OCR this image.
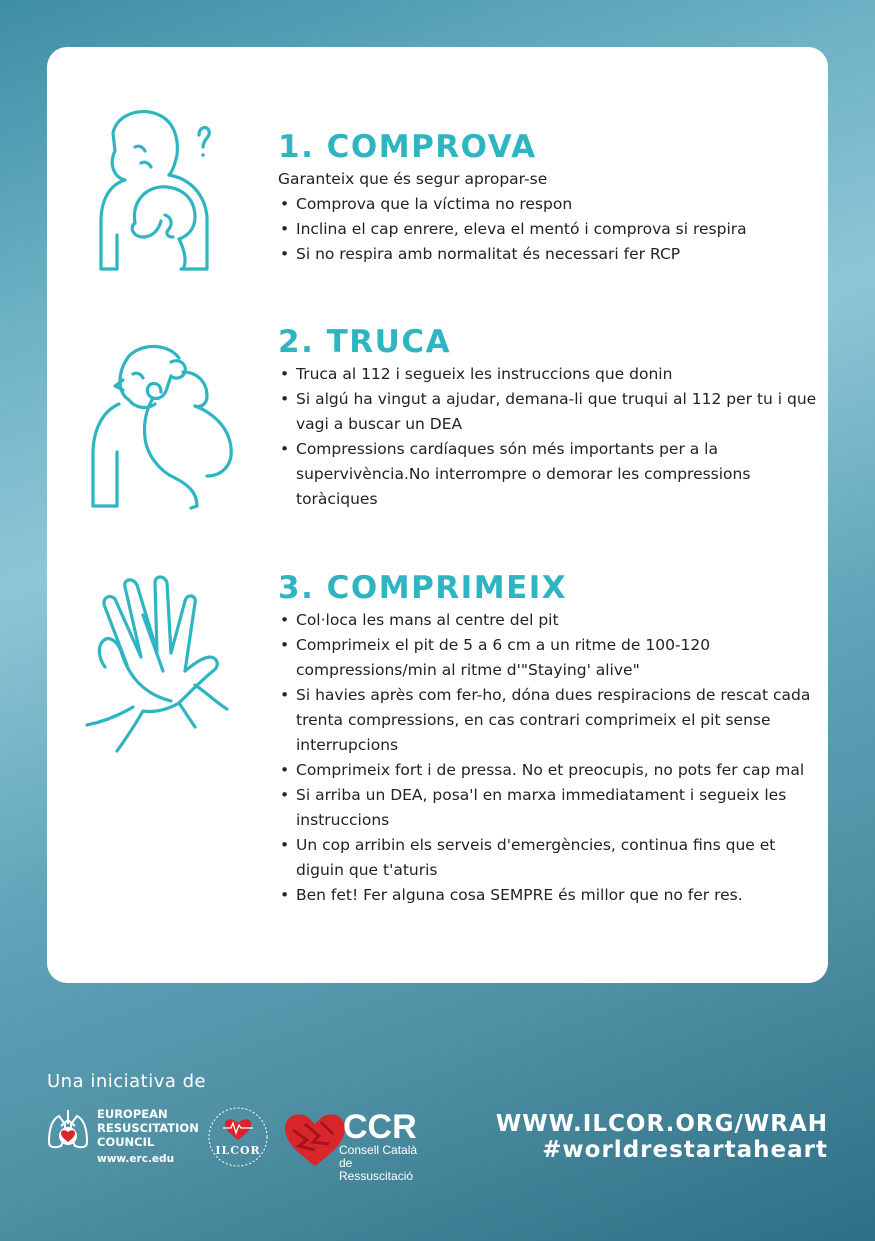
1. COMPROVA
Garanteix que és segur apropar-se
• Comprova que la víctima no respon
• Inclina el cap enrere, eleva el mentó i comprova si respira
• Si no respira amb normalitat és necessari fer RCP
2. TRUCA
• Truca al 112 i segueix les instruccions que donin
• Si algú ha vingut a ajudar, demana-li que truqui al 112 per tu i que vagi a buscar un DEA
• Compressions cardíaques són més importants per a la supervivència.No interrompre o demorar les compressions toràciques
3. COMPRIMEIX
• Col·loca les mans al centre del pit
• Comprimeix el pit de 5 a 6 cm a un ritme de 100-120 compressions/min al ritme d'"Staying' alive"
• Si havies après com fer-ho, dóna dues respiracions de rescat cada trenta compressions, en cas contrari comprimeix el pit sense interrupcions
• Comprimeix fort i de pressa. No et preocupis, no pots fer cap mal
• Si arriba un DEA, posa'l en marxa immediatament i segueix les instruccions
• Un cop arribin els serveis d'emergències, continua fins que et diguin que t'aturis
• Ben fet! Fer alguna cosa SEMPRE és millor que no fer res.
Una iniciativa de
EUROPEAN
RESUSCITATION
COUNCIL
www.erc.edu
ILCOR
CCR
Consell Català
de Ressuscitació
WWW.ILCOR.ORG/WRAH
#worldrestartaheart
